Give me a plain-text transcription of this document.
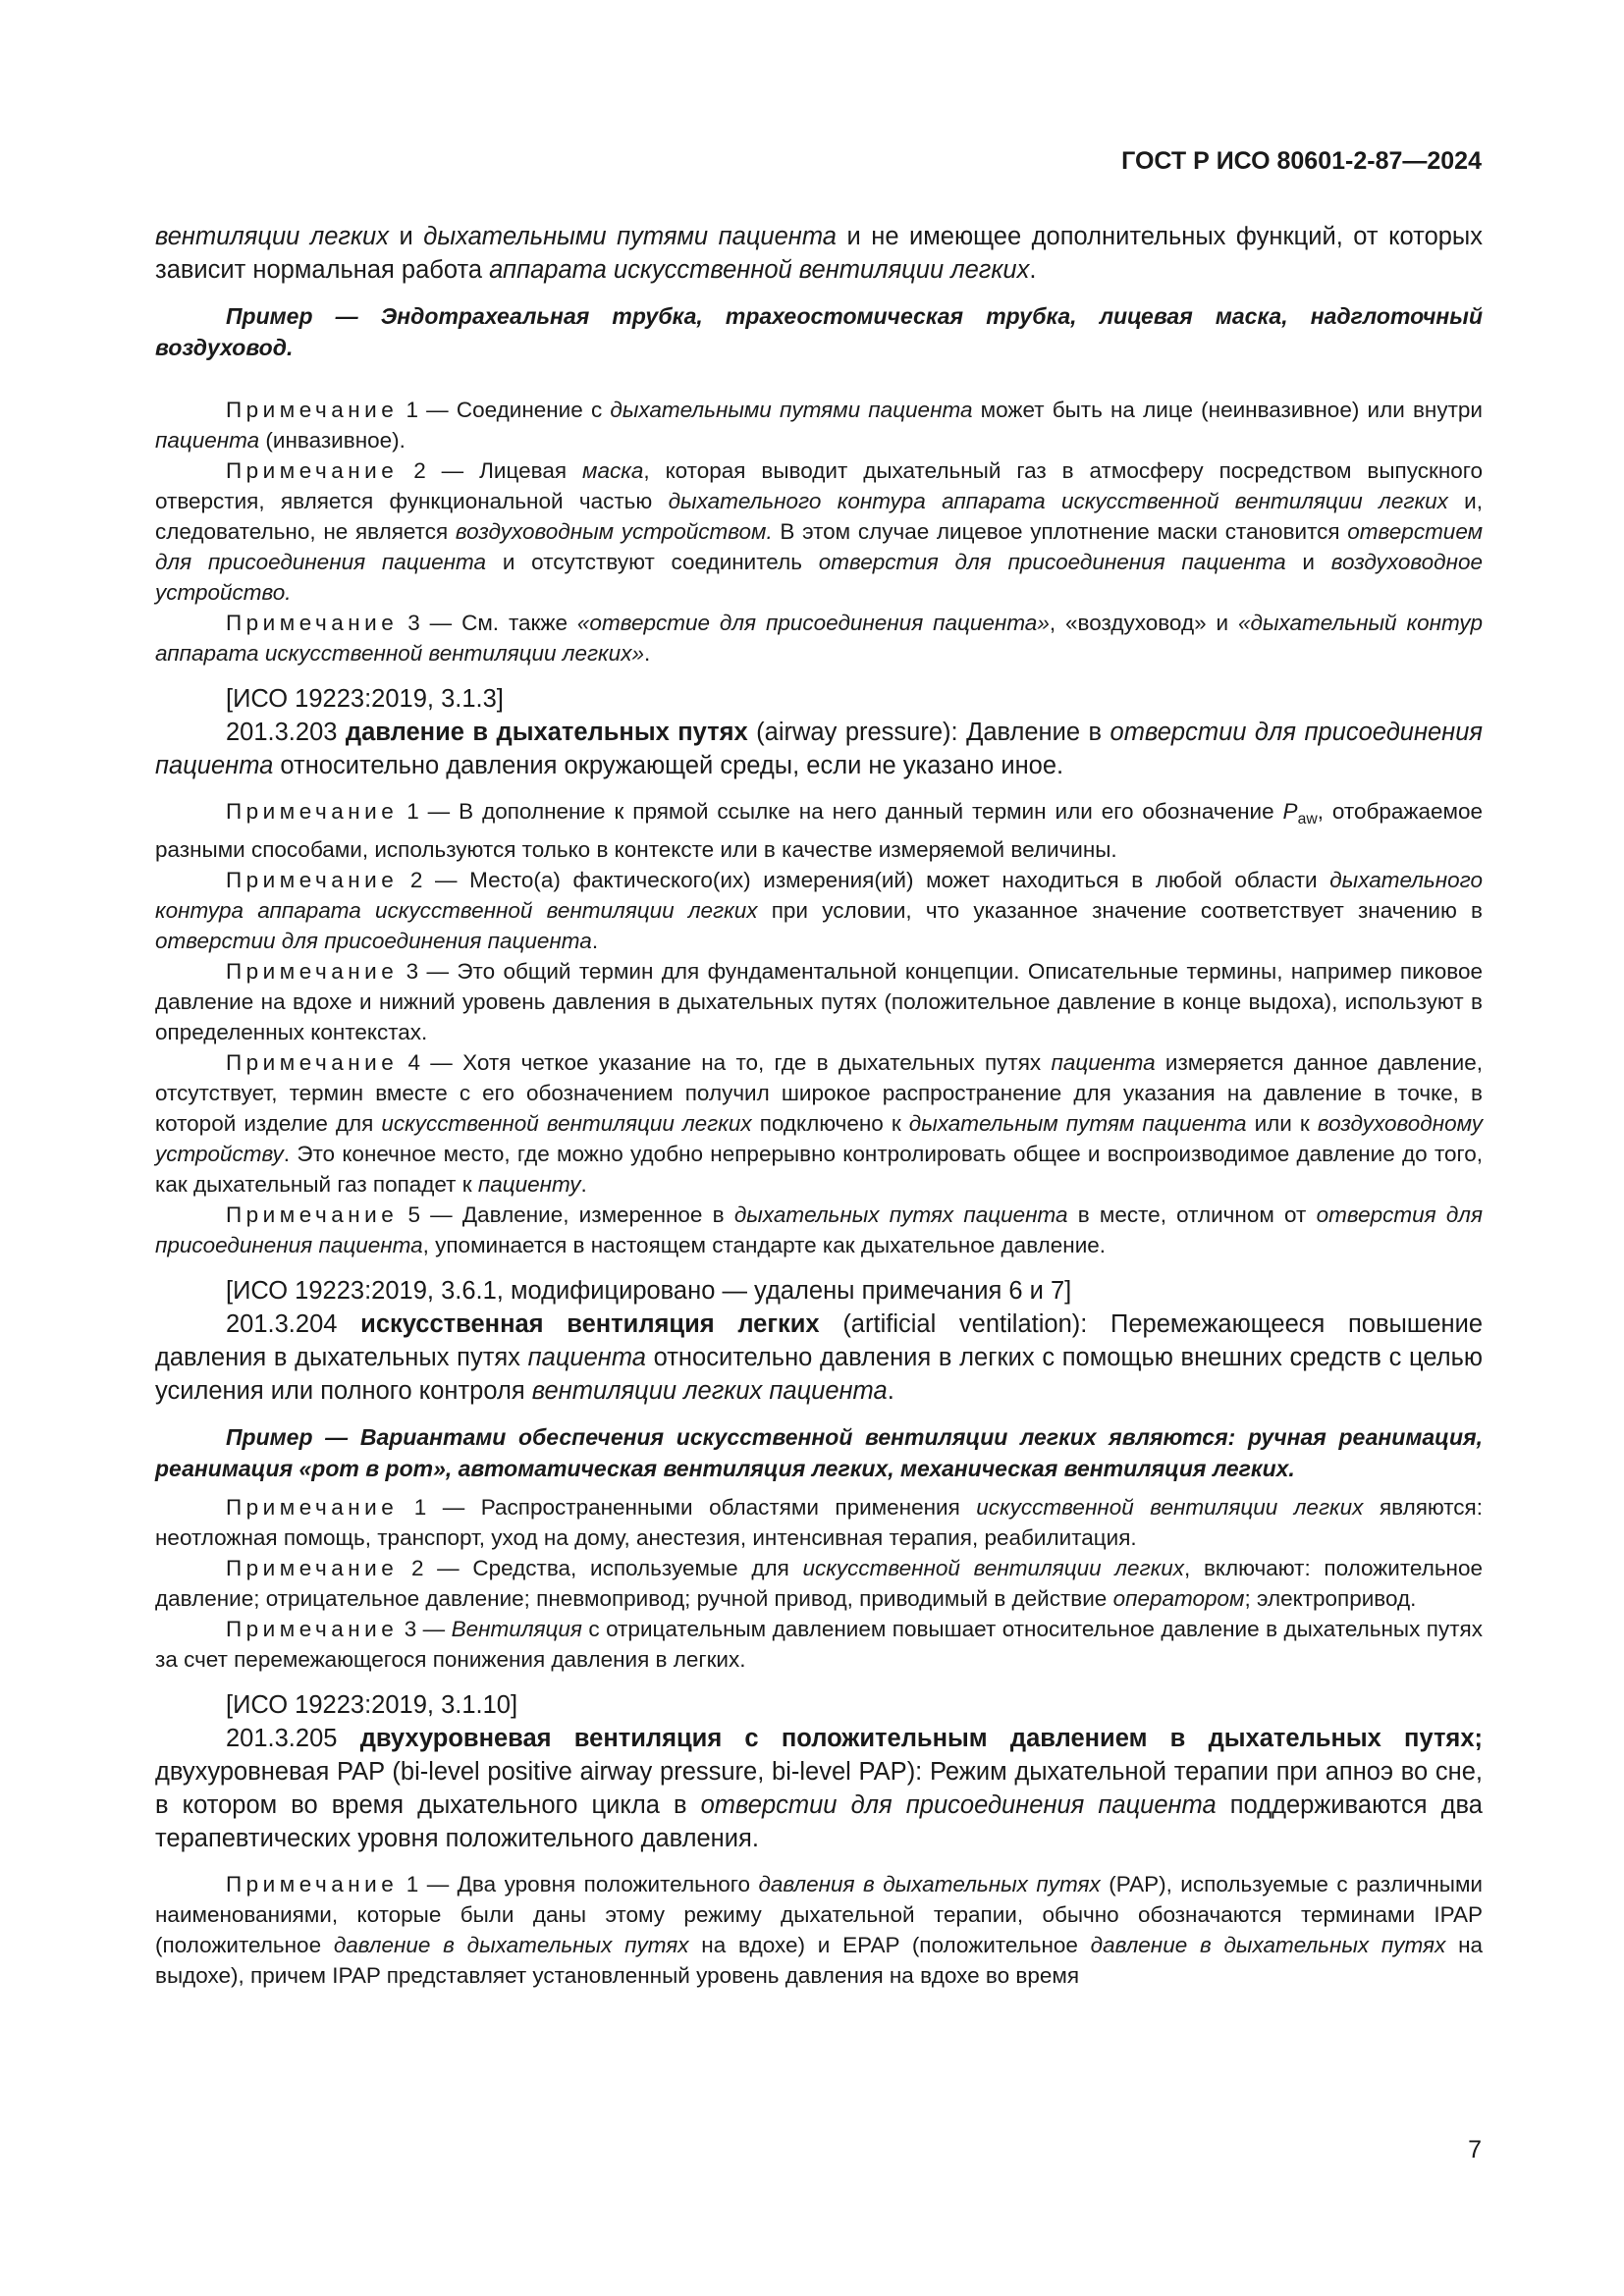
ГОСТ Р ИСО 80601-2-87—2024

вентиляции легких и дыхательными путями пациента и не имеющее дополнительных функций, от которых зависит нормальная работа аппарата искусственной вентиляции легких.

Пример — Эндотрахеальная трубка, трахеостомическая трубка, лицевая маска, надглоточный воздуховод.

Примечание 1 — Соединение с дыхательными путями пациента может быть на лице (неинвазивное) или внутри пациента (инвазивное).

Примечание 2 — Лицевая маска, которая выводит дыхательный газ в атмосферу посредством выпускного отверстия, является функциональной частью дыхательного контура аппарата искусственной вентиляции легких и, следовательно, не является воздуховодным устройством. В этом случае лицевое уплотнение маски становится отверстием для присоединения пациента и отсутствуют соединитель отверстия для присоединения пациента и воздуховодное устройство.

Примечание 3 — См. также «отверстие для присоединения пациента», «воздуховод» и «дыхательный контур аппарата искусственной вентиляции легких».

[ИСО 19223:2019, 3.1.3]

201.3.203 давление в дыхательных путях (airway pressure): Давление в отверстии для присоединения пациента относительно давления окружающей среды, если не указано иное.

Примечание 1 — В дополнение к прямой ссылке на него данный термин или его обозначение $P_{aw}$, отображаемое разными способами, используются только в контексте или в качестве измеряемой величины.

Примечание 2 — Место(а) фактического(их) измерения(ий) может находиться в любой области дыхательного контура аппарата искусственной вентиляции легких при условии, что указанное значение соответствует значению в отверстии для присоединения пациента.

Примечание 3 — Это общий термин для фундаментальной концепции. Описательные термины, например пиковое давление на вдохе и нижний уровень давления в дыхательных путях (положительное давление в конце выдоха), используют в определенных контекстах.

Примечание 4 — Хотя четкое указание на то, где в дыхательных путях пациента измеряется данное давление, отсутствует, термин вместе с его обозначением получил широкое распространение для указания на давление в точке, в которой изделие для искусственной вентиляции легких подключено к дыхательным путям пациента или к воздуховодному устройству. Это конечное место, где можно удобно непрерывно контролировать общее и воспроизводимое давление до того, как дыхательный газ попадет к пациенту.

Примечание 5 — Давление, измеренное в дыхательных путях пациента в месте, отличном от отверстия для присоединения пациента, упоминается в настоящем стандарте как дыхательное давление.

[ИСО 19223:2019, 3.6.1, модифицировано — удалены примечания 6 и 7]

201.3.204 искусственная вентиляция легких (artificial ventilation): Перемежающееся повышение давления в дыхательных путях пациента относительно давления в легких с помощью внешних средств с целью усиления или полного контроля вентиляции легких пациента.

Пример — Вариантами обеспечения искусственной вентиляции легких являются: ручная реанимация, реанимация «рот в рот», автоматическая вентиляция легких, механическая вентиляция легких.

Примечание 1 — Распространенными областями применения искусственной вентиляции легких являются: неотложная помощь, транспорт, уход на дому, анестезия, интенсивная терапия, реабилитация.

Примечание 2 — Средства, используемые для искусственной вентиляции легких, включают: положительное давление; отрицательное давление; пневмопривод; ручной привод, приводимый в действие оператором; электропривод.

Примечание 3 — Вентиляция с отрицательным давлением повышает относительное давление в дыхательных путях за счет перемежающегося понижения давления в легких.

[ИСО 19223:2019, 3.1.10]

201.3.205 двухуровневая вентиляция с положительным давлением в дыхательных путях; двухуровневая PAP (bi-level positive airway pressure, bi-level PAP): Режим дыхательной терапии при апноэ во сне, в котором во время дыхательного цикла в отверстии для присоединения пациента поддерживаются два терапевтических уровня положительного давления.

Примечание 1 — Два уровня положительного давления в дыхательных путях (PAP), используемые с различными наименованиями, которые были даны этому режиму дыхательной терапии, обычно обозначаются терминами IPAP (положительное давление в дыхательных путях на вдохе) и EPAP (положительное давление в дыхательных путях на выдохе), причем IPAP представляет установленный уровень давления на вдохе во время

7
